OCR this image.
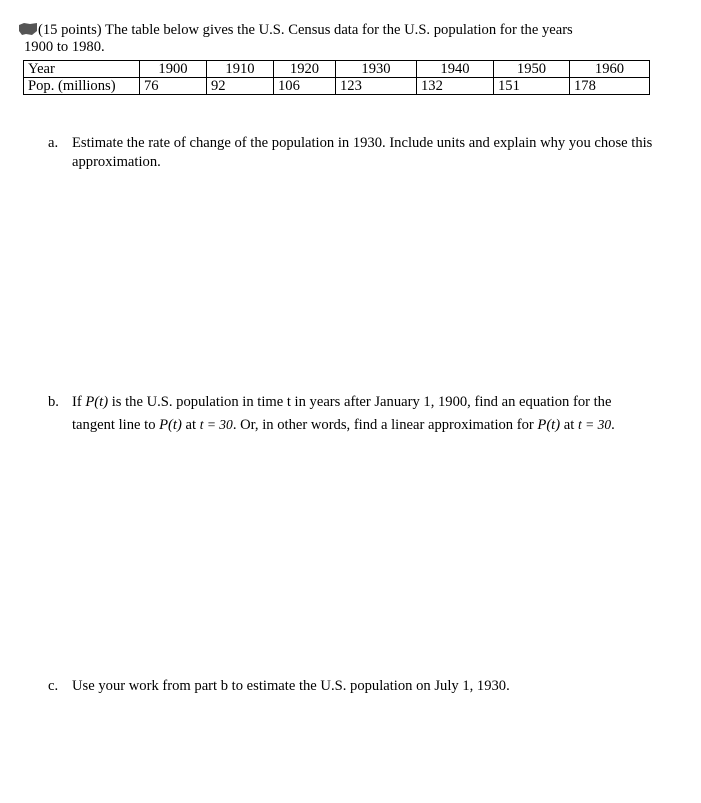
(15 points) The table below gives the U.S. Census data for the U.S. population for the years
1900 to 1980.
Year	1900	1910	1920	1930	1940	1950	1960
Pop. (millions)	76	92	106	123	132	151	178
a. Estimate the rate of change of the population in 1930. Include units and explain why you chose this approximation.
b. If P(t) is the U.S. population in time t in years after January 1, 1900, find an equation for the tangent line to P(t) at t = 30. Or, in other words, find a linear approximation for P(t) at t = 30.
c. Use your work from part b to estimate the U.S. population on July 1, 1930.
